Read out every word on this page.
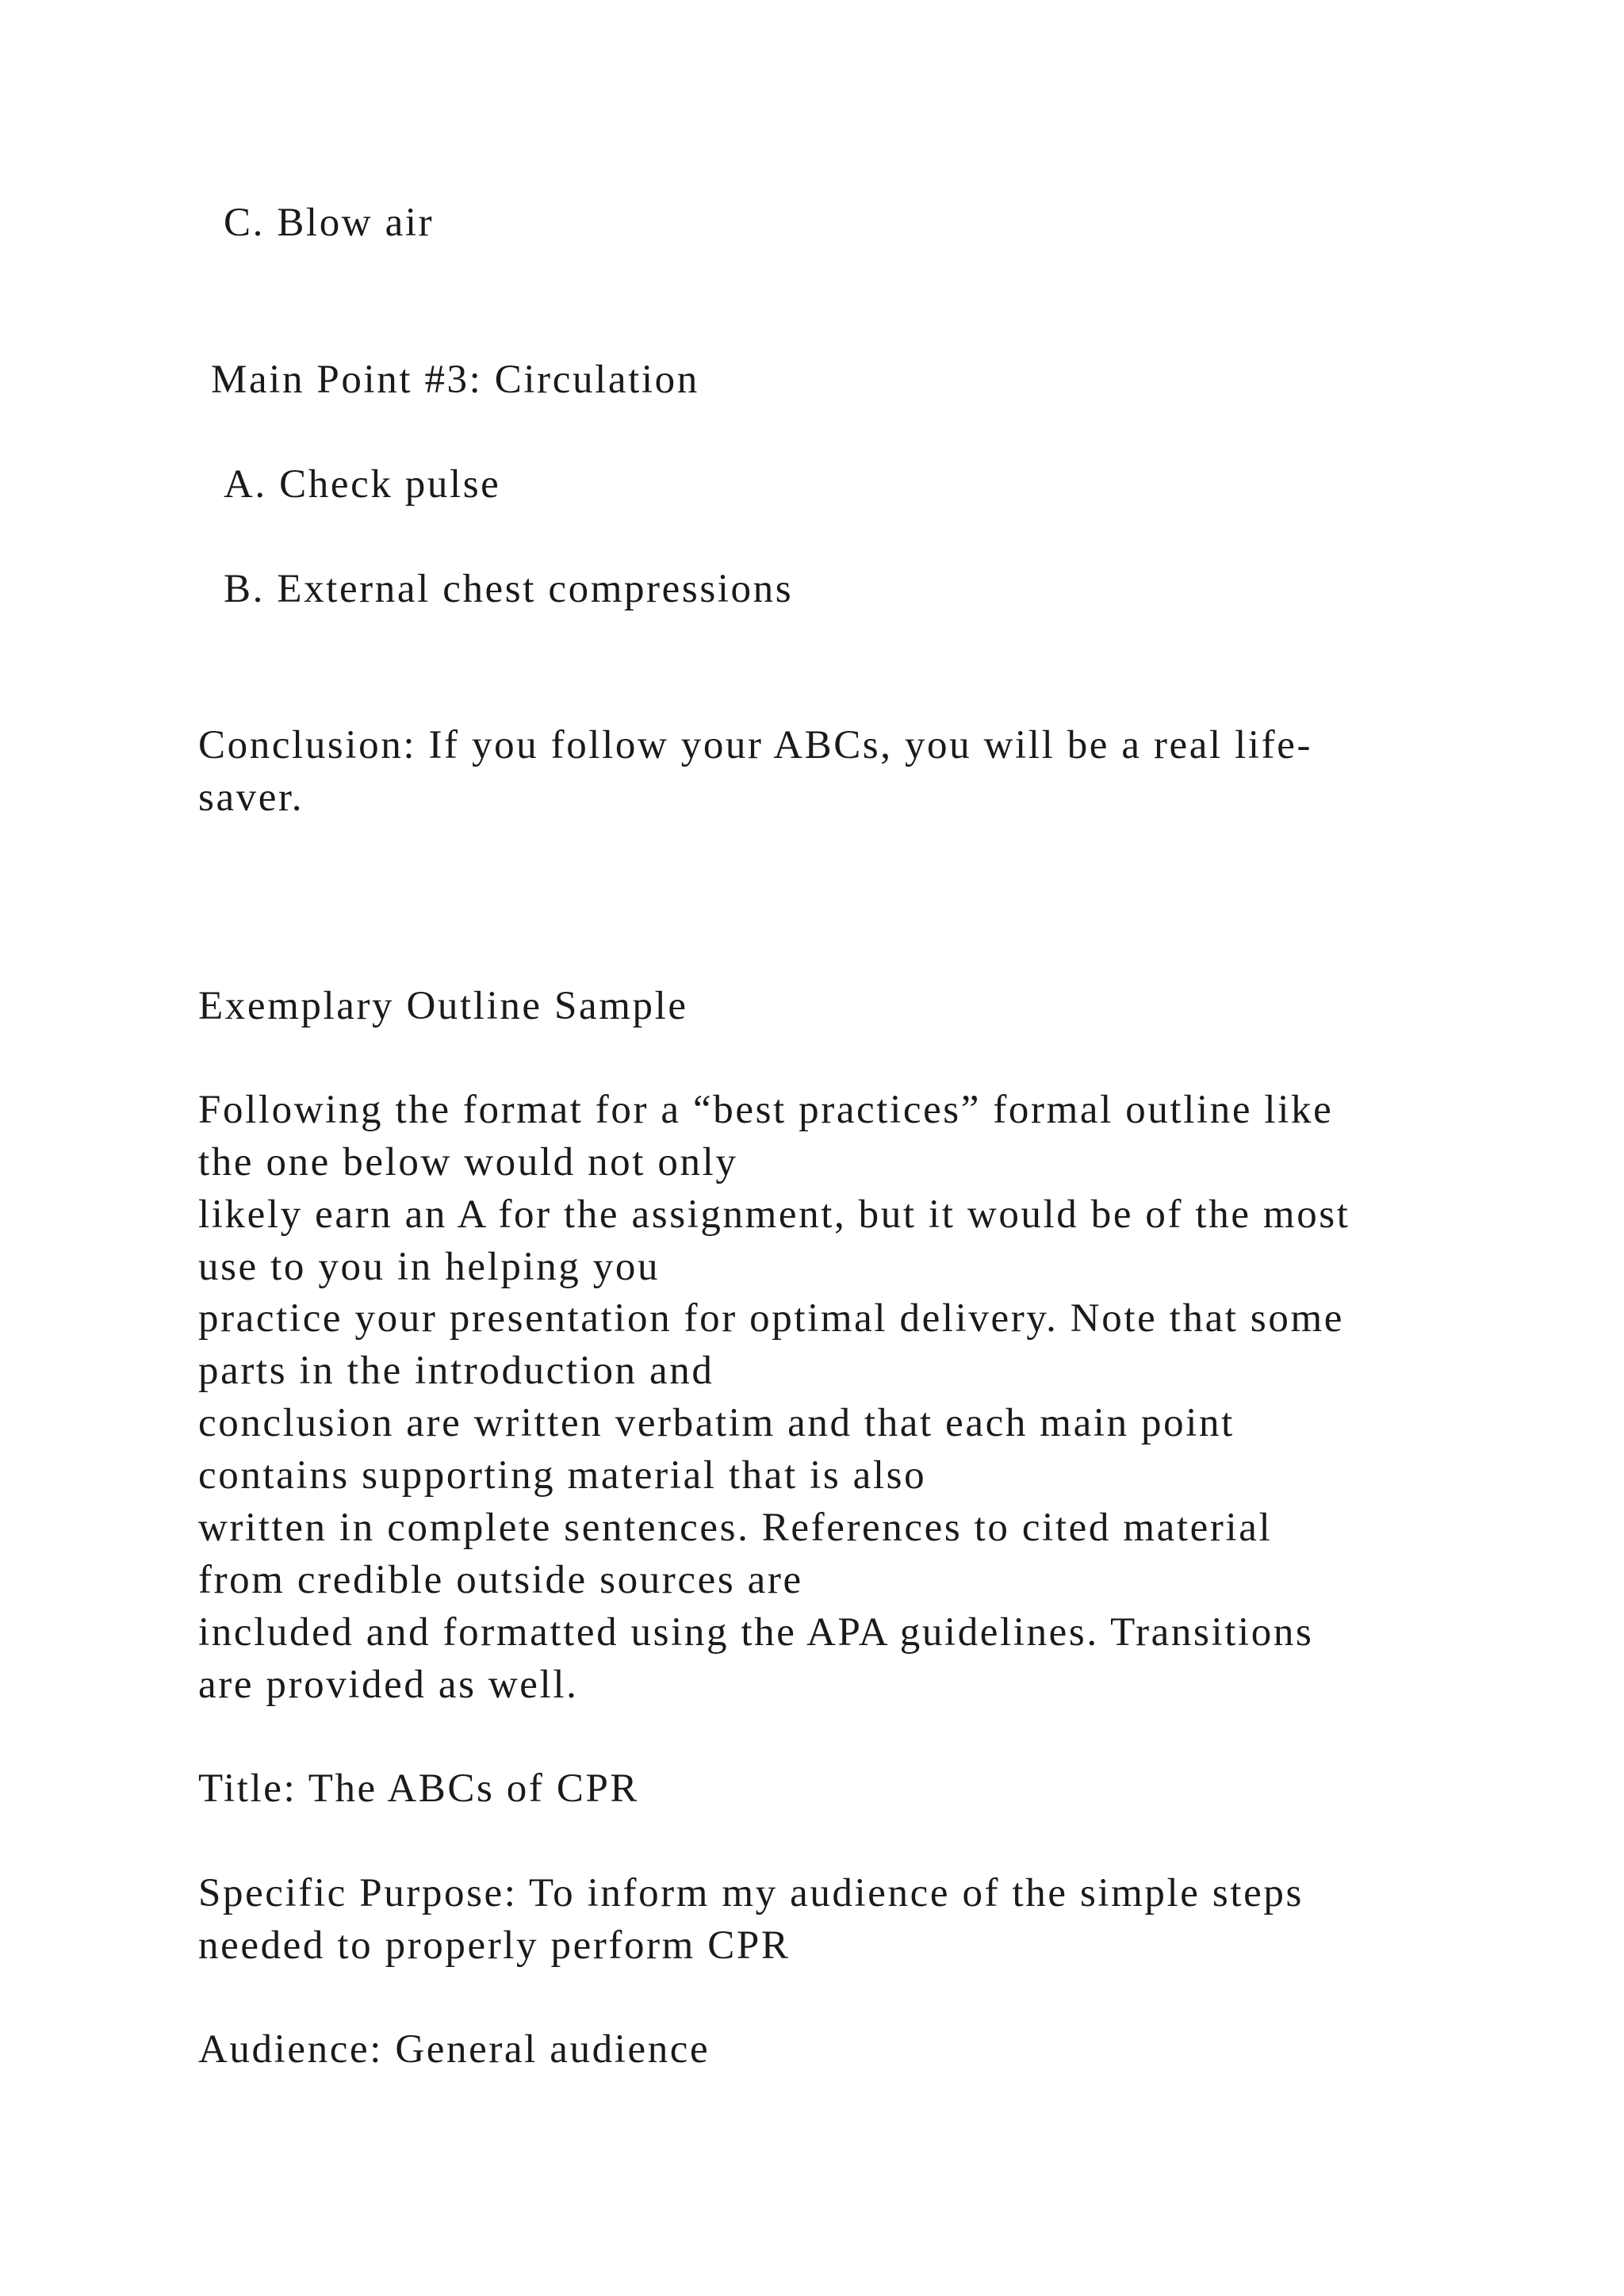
C. Blow air

Main Point #3: Circulation

A. Check pulse

B. External chest compressions

Conclusion: If you follow your ABCs, you will be a real life-

saver.

Exemplary Outline Sample

Following the format for a “best practices” formal outline like

the one below would not only

likely earn an A for the assignment, but it would be of the most

use to you in helping you

practice your presentation for optimal delivery. Note that some

parts in the introduction and

conclusion are written verbatim and that each main point

contains supporting material that is also

written in complete sentences. References to cited material

from credible outside sources are

included and formatted using the APA guidelines. Transitions

are provided as well.

Title: The ABCs of CPR

Specific Purpose: To inform my audience of the simple steps

needed to properly perform CPR

Audience: General audience
